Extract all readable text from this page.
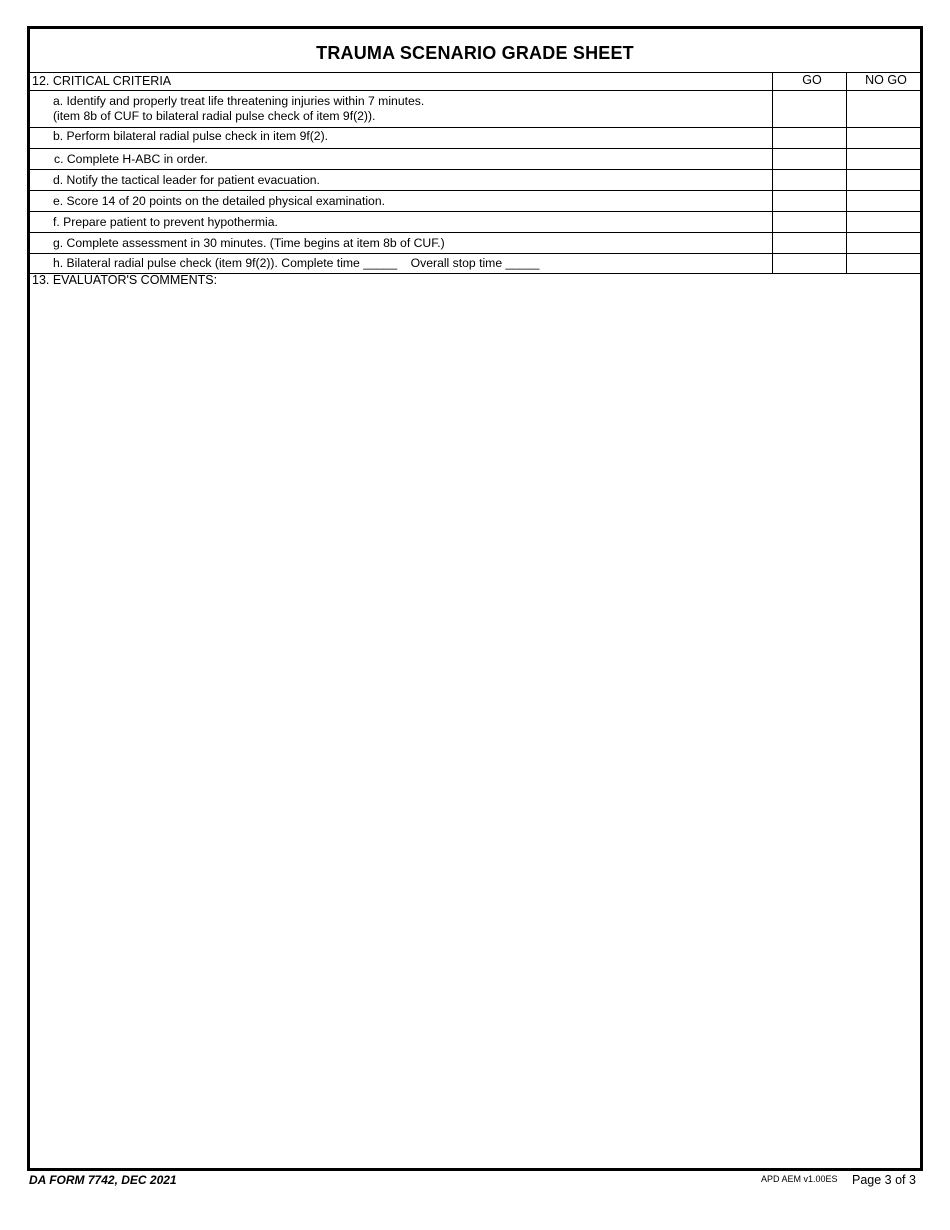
TRAUMA SCENARIO GRADE SHEET
12. CRITICAL CRITERIA	GO	NO GO
a. Identify and properly treat life threatening injuries within 7 minutes.
(item 8b of CUF to bilateral radial pulse check of item 9f(2)).
b. Perform bilateral radial pulse check in item 9f(2).
c. Complete H-ABC in order.
d. Notify the tactical leader for patient evacuation.
e. Score 14 of 20 points on the detailed physical examination.
f. Prepare patient to prevent hypothermia.
g. Complete assessment in 30 minutes. (Time begins at item 8b of CUF.)
h. Bilateral radial pulse check (item 9f(2)). Complete time _____    Overall stop time _____
13. EVALUATOR'S COMMENTS:
DA FORM 7742, DEC 2021	APD AEM v1.00ES Page 3 of 3
